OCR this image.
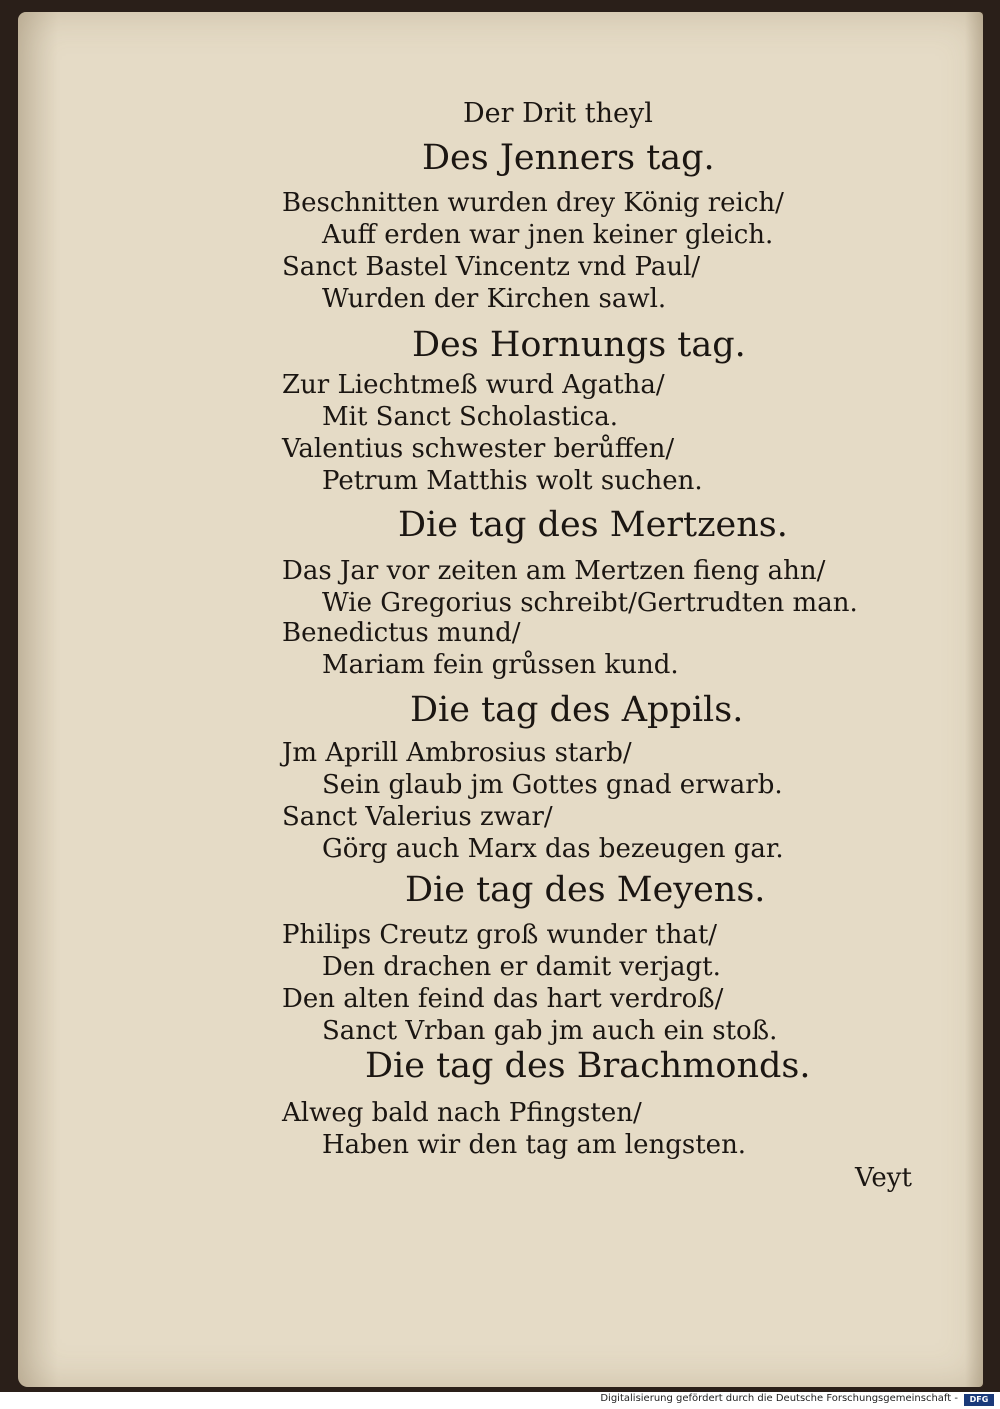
Der Drit theyl
Des Jenners tag.
Beschnitten wurden drey König reich/
Auff erden war jnen keiner gleich.
Sanct Bastel Vincentz vnd Paul/
Wurden der Kirchen sawl.
Des Hornungs tag.
Zur Liechtmeß wurd Agatha/
Mit Sanct Scholastica.
Valentius schwester berůffen/
Petrum Matthis wolt suchen.
Die tag des Mertzens.
Das Jar vor zeiten am Mertzen fieng ahn/
Wie Gregorius schreibt/Gertrudten man.
Benedictus mund/
Mariam fein grůssen kund.
Die tag des Appils.
Jm Aprill Ambrosius starb/
Sein glaub jm Gottes gnad erwarb.
Sanct Valerius zwar/
Görg auch Marx das bezeugen gar.
Die tag des Meyens.
Philips Creutz groß wunder that/
Den drachen er damit verjagt.
Den alten feind das hart verdroß/
Sanct Vrban gab jm auch ein stoß.
Die tag des Brachmonds.
Alweg bald nach Pfingsten/
Haben wir den tag am lengsten.
Veyt
Digitalisierung gefördert durch die Deutsche Forschungsgemeinschaft -	DFG
